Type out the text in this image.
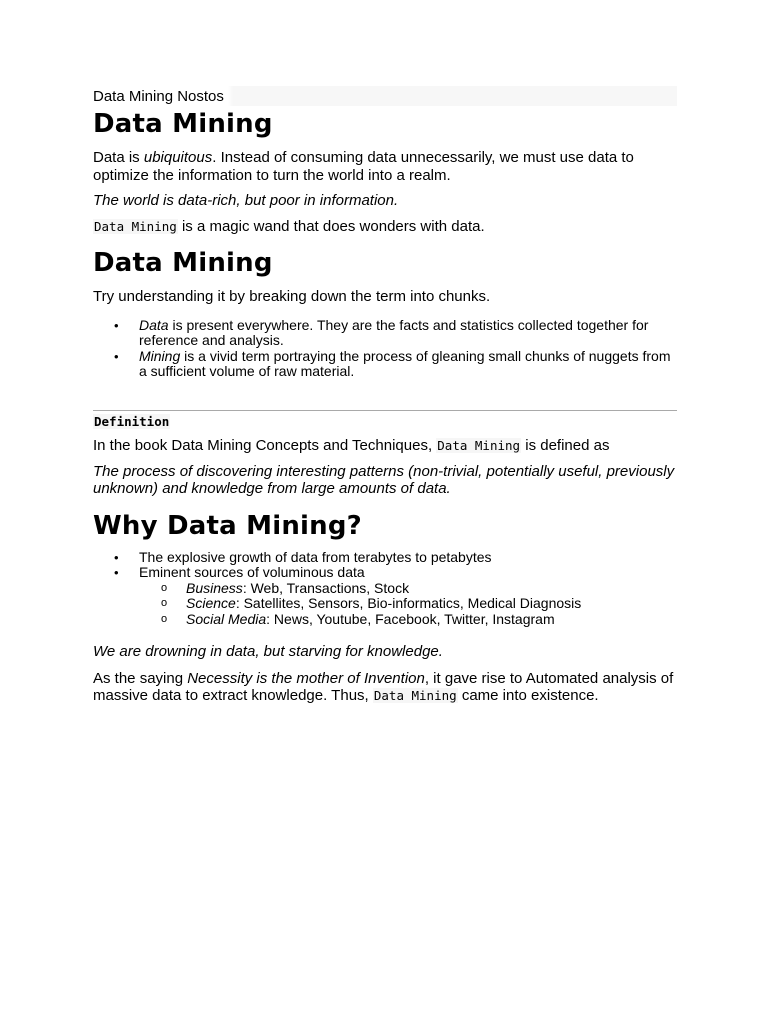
Data Mining Nostos
Data Mining

Data is ubiquitous. Instead of consuming data unnecessarily, we must use data to optimize the information to turn the world into a realm.

The world is data-rich, but poor in information.

Data Mining is a magic wand that does wonders with data.

Data Mining

Try understanding it by breaking down the term into chunks.

• Data is present everywhere. They are the facts and statistics collected together for reference and analysis.
• Mining is a vivid term portraying the process of gleaning small chunks of nuggets from a sufficient volume of raw material.

Definition

In the book Data Mining Concepts and Techniques, Data Mining is defined as

The process of discovering interesting patterns (non-trivial, potentially useful, previously unknown) and knowledge from large amounts of data.

Why Data Mining?
• The explosive growth of data from terabytes to petabytes
• Eminent sources of voluminous data
o Business: Web, Transactions, Stock
o Science: Satellites, Sensors, Bio-informatics, Medical Diagnosis
o Social Media: News, Youtube, Facebook, Twitter, Instagram

We are drowning in data, but starving for knowledge.

As the saying Necessity is the mother of Invention, it gave rise to Automated analysis of massive data to extract knowledge. Thus, Data Mining came into existence.
